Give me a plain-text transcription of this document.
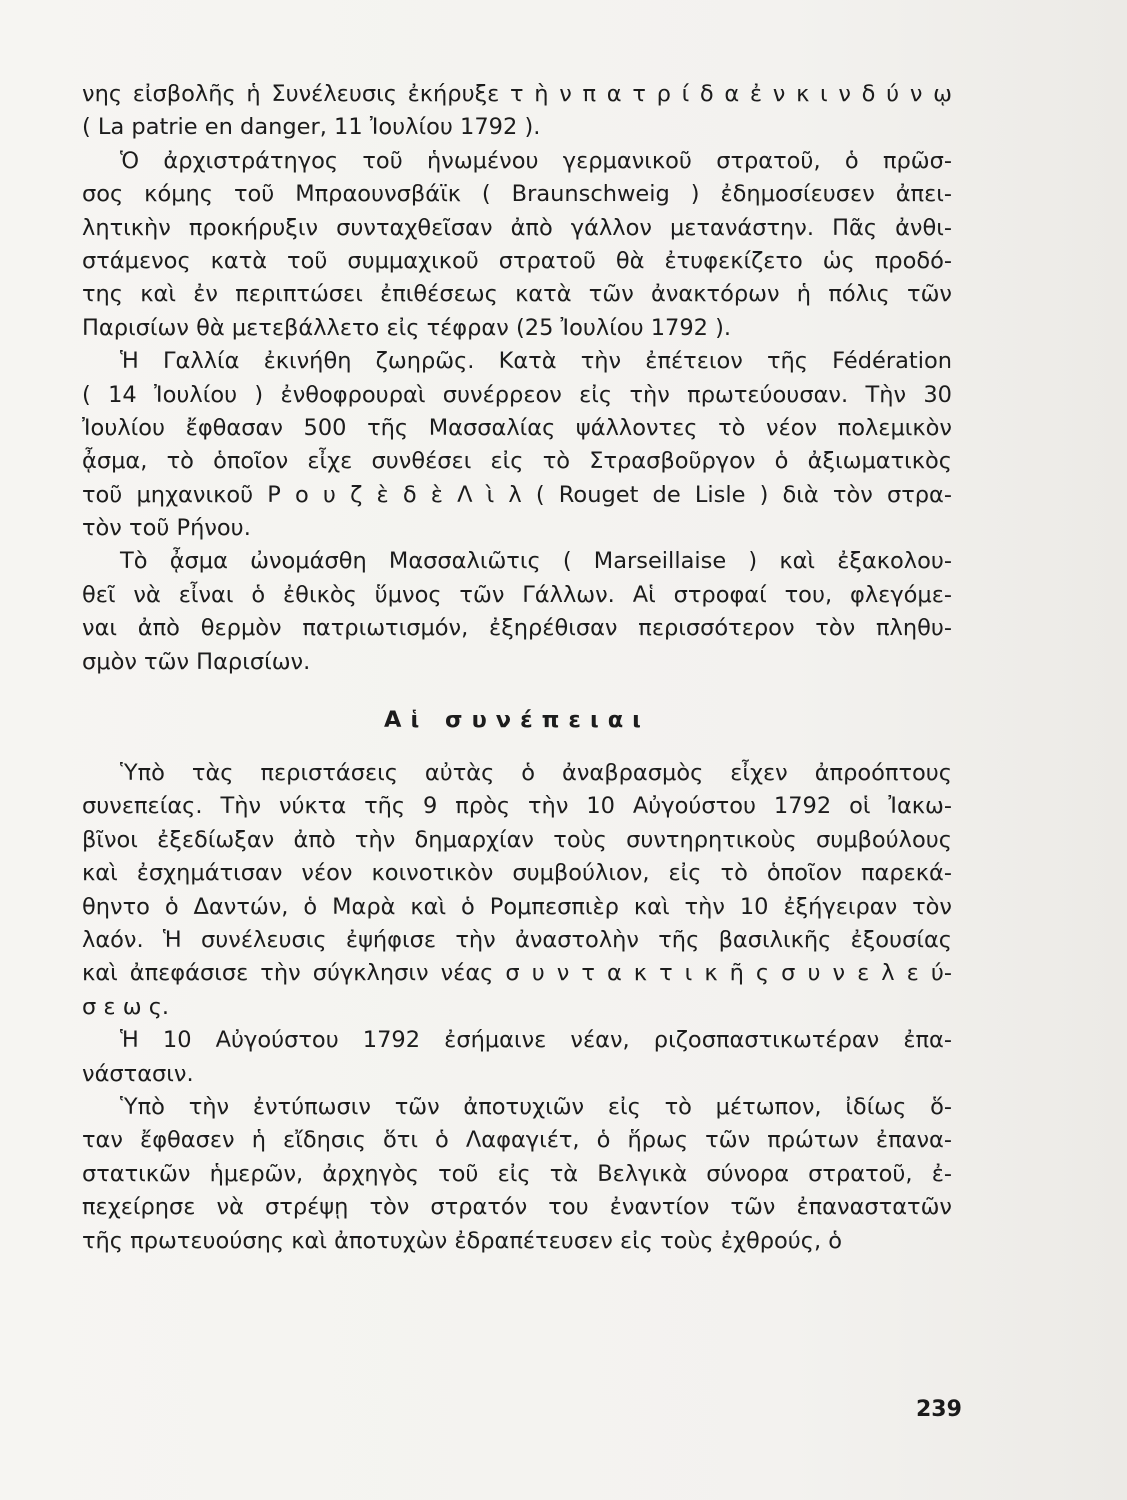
νης εἰσβολῆς ἡ Συνέλευσις ἐκήρυξε τ ὴ ν π α τ ρ ί δ α ἐ ν κ ι ν δ ύ ν ῳ
( La patrie en danger, 11 Ἰουλίου 1792 ).
Ὁ ἀρχιστράτηγος τοῦ ἡνωμένου γερμανικοῦ στρατοῦ, ὁ πρῶσ-
σος κόμης τοῦ Μπραουνσβάϊκ ( Braunschweig ) ἐδημοσίευσεν ἀπει-
λητικὴν προκήρυξιν συνταχθεῖσαν ἀπὸ γάλλον μετανάστην. Πᾶς ἀνθι-
στάμενος κατὰ τοῦ συμμαχικοῦ στρατοῦ θὰ ἐτυφεκίζετο ὡς προδό-
της καὶ ἐν περιπτώσει ἐπιθέσεως κατὰ τῶν ἀνακτόρων ἡ πόλις τῶν
Παρισίων θὰ μετεβάλλετο εἰς τέφραν (25 Ἰουλίου 1792 ).
Ἡ Γαλλία ἐκινήθη ζωηρῶς. Κατὰ τὴν ἐπέτειον τῆς Fédération
( 14 Ἰουλίου ) ἐνθοφρουραὶ συνέρρεον εἰς τὴν πρωτεύουσαν. Τὴν 30
Ἰουλίου ἔφθασαν 500 τῆς Μασσαλίας ψάλλοντες τὸ νέον πολεμικὸν
ᾆσμα, τὸ ὁποῖον εἶχε συνθέσει εἰς τὸ Στρασβοῦργον ὁ ἀξιωματικὸς
τοῦ μηχανικοῦ Ρ ο υ ζ ὲ δ ὲ Λ ὶ λ ( Rouget de Lisle ) διὰ τὸν στρα-
τὸν τοῦ Ρήνου.
Τὸ ᾆσμα ὠνομάσθη Μασσαλιῶτις ( Marseillaise ) καὶ ἐξακολου-
θεῖ νὰ εἶναι ὁ ἐθικὸς ὕμνος τῶν Γάλλων. Αἱ στροφαί του, φλεγόμε-
ναι ἀπὸ θερμὸν πατριωτισμόν, ἐξηρέθισαν περισσότερον τὸν πληθυ-
σμὸν τῶν Παρισίων.
Αἱ συνέπειαι
Ὑπὸ τὰς περιστάσεις αὐτὰς ὁ ἀναβρασμὸς εἶχεν ἀπροόπτους
συνεπείας. Τὴν νύκτα τῆς 9 πρὸς τὴν 10 Αὐγούστου 1792 οἱ Ἰακω-
βῖνοι ἐξεδίωξαν ἀπὸ τὴν δημαρχίαν τοὺς συντηρητικοὺς συμβούλους
καὶ ἐσχημάτισαν νέον κοινοτικὸν συμβούλιον, εἰς τὸ ὁποῖον παρεκά-
θηντο ὁ Δαντών, ὁ Μαρὰ καὶ ὁ Ρομπεσπιὲρ καὶ τὴν 10 ἐξήγειραν τὸν
λαόν. Ἡ συνέλευσις ἐψήφισε τὴν ἀναστολὴν τῆς βασιλικῆς ἐξουσίας
καὶ ἀπεφάσισε τὴν σύγκλησιν νέας σ υ ν τ α κ τ ι κ ῆ ς σ υ ν ε λ ε ύ-
σ ε ω ς.
Ἡ 10 Αὐγούστου 1792 ἐσήμαινε νέαν, ριζοσπαστικωτέραν ἐπα-
νάστασιν.
Ὑπὸ τὴν ἐντύπωσιν τῶν ἀποτυχιῶν εἰς τὸ μέτωπον, ἰδίως ὅ-
ταν ἔφθασεν ἡ εἴδησις ὅτι ὁ Λαφαγιέτ, ὁ ἥρως τῶν πρώτων ἐπανα-
στατικῶν ἡμερῶν, ἀρχηγὸς τοῦ εἰς τὰ Βελγικὰ σύνορα στρατοῦ, ἐ-
πεχείρησε νὰ στρέψῃ τὸν στρατόν του ἐναντίον τῶν ἐπαναστατῶν
τῆς πρωτευούσης καὶ ἀποτυχὼν ἐδραπέτευσεν εἰς τοὺς ἐχθρούς, ὁ
239
